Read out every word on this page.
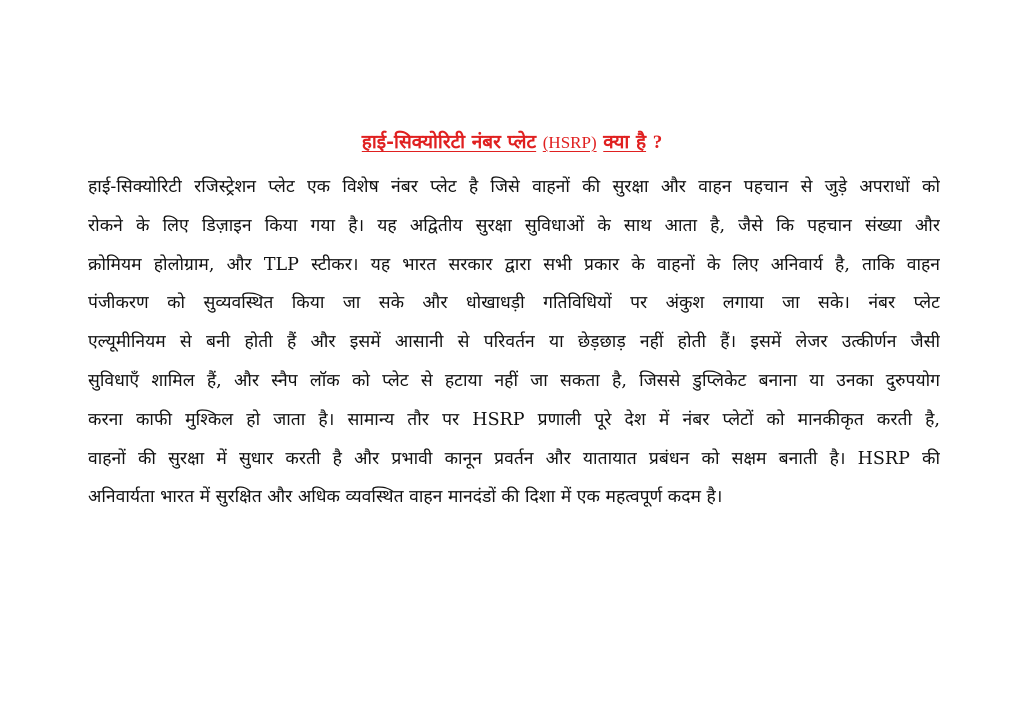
हाई-सिक्योरिटी नंबर प्लेट (HSRP) क्या है ?
हाई-सिक्योरिटी रजिस्ट्रेशन प्लेट एक विशेष नंबर प्लेट है जिसे वाहनों की सुरक्षा और वाहन पहचान से जुड़े अपराधों को
रोकने के लिए डिज़ाइन किया गया है। यह अद्वितीय सुरक्षा सुविधाओं के साथ आता है, जैसे कि पहचान संख्या और
क्रोमियम होलोग्राम, और TLP स्टीकर। यह भारत सरकार द्वारा सभी प्रकार के वाहनों के लिए अनिवार्य है, ताकि वाहन
पंजीकरण को सुव्यवस्थित किया जा सके और धोखाधड़ी गतिविधियों पर अंकुश लगाया जा सके। नंबर प्लेट
एल्यूमीनियम से बनी होती हैं और इसमें आसानी से परिवर्तन या छेड़छाड़ नहीं होती हैं। इसमें लेजर उत्कीर्णन जैसी
सुविधाएँ शामिल हैं, और स्नैप लॉक को प्लेट से हटाया नहीं जा सकता है, जिससे डुप्लिकेट बनाना या उनका दुरुपयोग
करना काफी मुश्किल हो जाता है। सामान्य तौर पर HSRP प्रणाली पूरे देश में नंबर प्लेटों को मानकीकृत करती है,
वाहनों की सुरक्षा में सुधार करती है और प्रभावी कानून प्रवर्तन और यातायात प्रबंधन को सक्षम बनाती है। HSRP की
अनिवार्यता भारत में सुरक्षित और अधिक व्यवस्थित वाहन मानदंडों की दिशा में एक महत्वपूर्ण कदम है।
